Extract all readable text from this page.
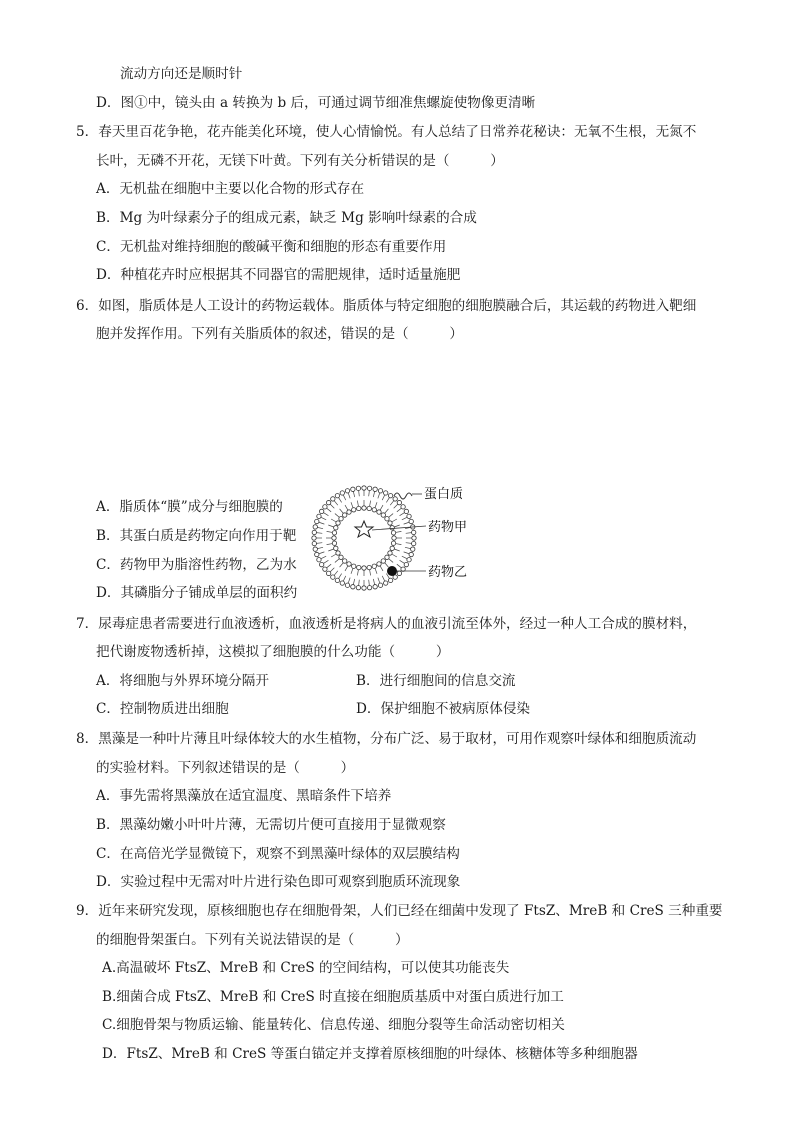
流动方向还是顺时针
D．图①中，镜头由 a 转换为 b 后，可通过调节细准焦螺旋使物像更清晰
5．春天里百花争艳，花卉能美化环境，使人心情愉悦。有人总结了日常养花秘诀：无氧不生根，无氮不
长叶，无磷不开花，无镁下叶黄。下列有关分析错误的是（　　　）
A．无机盐在细胞中主要以化合物的形式存在
B．Mg 为叶绿素分子的组成元素，缺乏 Mg 影响叶绿素的合成
C．无机盐对维持细胞的酸碱平衡和细胞的形态有重要作用
D．种植花卉时应根据其不同器官的需肥规律，适时适量施肥
6．如图，脂质体是人工设计的药物运载体。脂质体与特定细胞的细胞膜融合后，其运载的药物进入靶细
胞并发挥作用。下列有关脂质体的叙述，错误的是（　　　）
A．脂质体“膜”成分与细胞膜的
B．其蛋白质是药物定向作用于靶
C．药物甲为脂溶性药物，乙为水
D．其磷脂分子铺成单层的面积约
蛋白质
药物甲
药物乙
7．尿毒症患者需要进行血液透析，血液透析是将病人的血液引流至体外，经过一种人工合成的膜材料，
把代谢废物透析掉，这模拟了细胞膜的什么功能（　　　）
A．将细胞与外界环境分隔开	B．进行细胞间的信息交流
C．控制物质进出细胞	D．保护细胞不被病原体侵染
8．黑藻是一种叶片薄且叶绿体较大的水生植物，分布广泛、易于取材，可用作观察叶绿体和细胞质流动
的实验材料。下列叙述错误的是（　　　）
A．事先需将黑藻放在适宜温度、黑暗条件下培养
B．黑藻幼嫩小叶叶片薄，无需切片便可直接用于显微观察
C．在高倍光学显微镜下，观察不到黑藻叶绿体的双层膜结构
D．实验过程中无需对叶片进行染色即可观察到胞质环流现象
9．近年来研究发现，原核细胞也存在细胞骨架，人们已经在细菌中发现了 FtsZ、MreB 和 CreS 三种重要
的细胞骨架蛋白。下列有关说法错误的是（　　　）
A.高温破坏 FtsZ、MreB 和 CreS 的空间结构，可以使其功能丧失
B.细菌合成 FtsZ、MreB 和 CreS 时直接在细胞质基质中对蛋白质进行加工
C.细胞骨架与物质运输、能量转化、信息传递、细胞分裂等生命活动密切相关
D．FtsZ、MreB 和 CreS 等蛋白锚定并支撑着原核细胞的叶绿体、核糖体等多种细胞器
